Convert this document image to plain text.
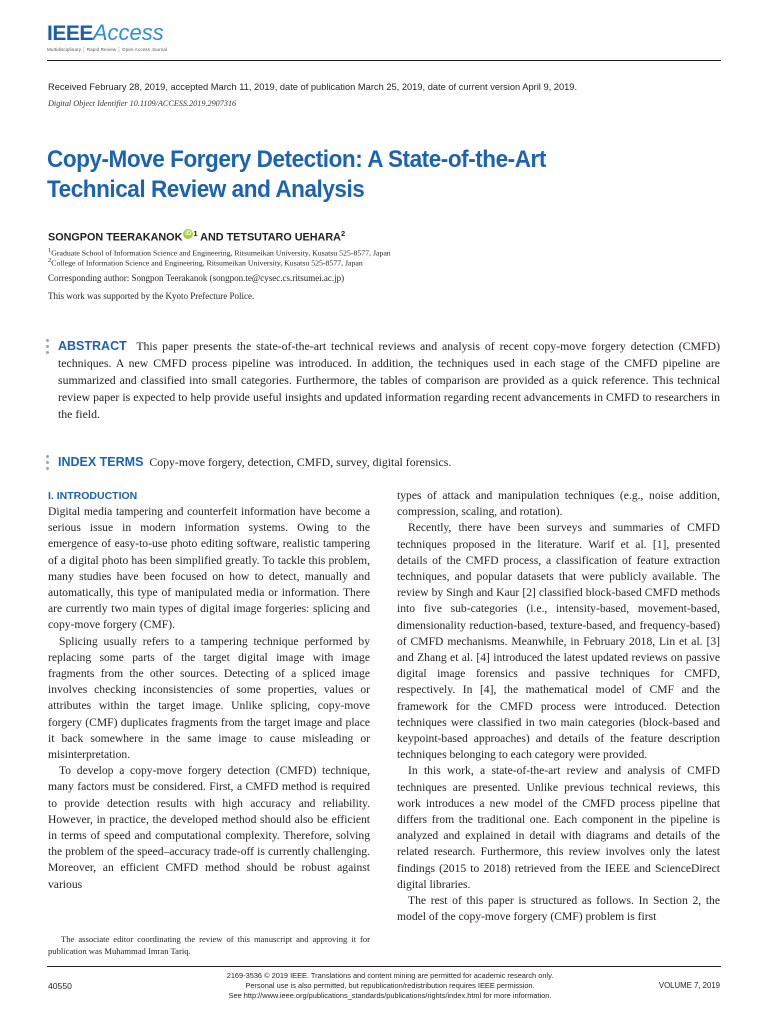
IEEEAccess
Multidisciplinary ┊ Rapid Review ┊ Open Access Journal
Received February 28, 2019, accepted March 11, 2019, date of publication March 25, 2019, date of current version April 9, 2019.
Digital Object Identifier 10.1109/ACCESS.2019.2907316
Copy-Move Forgery Detection: A State-of-the-Art
Technical Review and Analysis
SONGPON TEERAKANOK iD $^1$ AND TETSUTARO UEHARA$^2$
$^1$Graduate School of Information Science and Engineering, Ritsumeikan University, Kusatsu 525-8577, Japan
$^2$College of Information Science and Engineering, Ritsumeikan University, Kusatsu 525-8577, Japan
Corresponding author: Songpon Teerakanok (songpon.te@cysec.cs.ritsumei.ac.jp)
This work was supported by the Kyoto Prefecture Police.
ABSTRACT This paper presents the state-of-the-art technical reviews and analysis of recent copy-move forgery detection (CMFD) techniques. A new CMFD process pipeline was introduced. In addition, the techniques used in each stage of the CMFD pipeline are summarized and classified into small categories. Furthermore, the tables of comparison are provided as a quick reference. This technical review paper is expected to help provide useful insights and updated information regarding recent advancements in CMFD to researchers in the field.
INDEX TERMS Copy-move forgery, detection, CMFD, survey, digital forensics.
I. INTRODUCTION

Digital media tampering and counterfeit information have become a serious issue in modern information systems. Owing to the emergence of easy-to-use photo editing software, realistic tampering of a digital photo has been simplified greatly. To tackle this problem, many studies have been focused on how to detect, manually and automatically, this type of manipulated media or information. There are currently two main types of digital image forgeries: splicing and copy-move forgery (CMF).

Splicing usually refers to a tampering technique performed by replacing some parts of the target digital image with image fragments from the other sources. Detecting of a spliced image involves checking inconsistencies of some properties, values or attributes within the target image. Unlike splicing, copy-move forgery (CMF) duplicates fragments from the target image and place it back somewhere in the same image to cause misleading or misinterpretation.

To develop a copy-move forgery detection (CMFD) technique, many factors must be considered. First, a CMFD method is required to provide detection results with high accuracy and reliability. However, in practice, the developed method should also be efficient in terms of speed and computational complexity. Therefore, solving the problem of the speed–accuracy trade-off is currently challenging. Moreover, an efficient CMFD method should be robust against various

types of attack and manipulation techniques (e.g., noise addition, compression, scaling, and rotation).

Recently, there have been surveys and summaries of CMFD techniques proposed in the literature. Warif et al. [1], presented details of the CMFD process, a classification of feature extraction techniques, and popular datasets that were publicly available. The review by Singh and Kaur [2] classified block-based CMFD methods into five sub-categories (i.e., intensity-based, movement-based, dimensionality reduction-based, texture-based, and frequency-based) of CMFD mechanisms. Meanwhile, in February 2018, Lin et al. [3] and Zhang et al. [4] introduced the latest updated reviews on passive digital image forensics and passive techniques for CMFD, respectively. In [4], the mathematical model of CMF and the framework for the CMFD process were introduced. Detection techniques were classified in two main categories (block-based and keypoint-based approaches) and details of the feature description techniques belonging to each category were provided.

In this work, a state-of-the-art review and analysis of CMFD techniques are presented. Unlike previous technical reviews, this work introduces a new model of the CMFD process pipeline that differs from the traditional one. Each component in the pipeline is analyzed and explained in detail with diagrams and details of the related research. Furthermore, this review involves only the latest findings (2015 to 2018) retrieved from the IEEE and ScienceDirect digital libraries.

The rest of this paper is structured as follows. In Section 2, the model of the copy-move forgery (CMF) problem is first

The associate editor coordinating the review of this manuscript and approving it for publication was Muhammad Imran Tariq.
40550
2169-3536 © 2019 IEEE. Translations and content mining are permitted for academic research only.
Personal use is also permitted, but republication/redistribution requires IEEE permission.
See http://www.ieee.org/publications_standards/publications/rights/index.html for more information.
VOLUME 7, 2019
